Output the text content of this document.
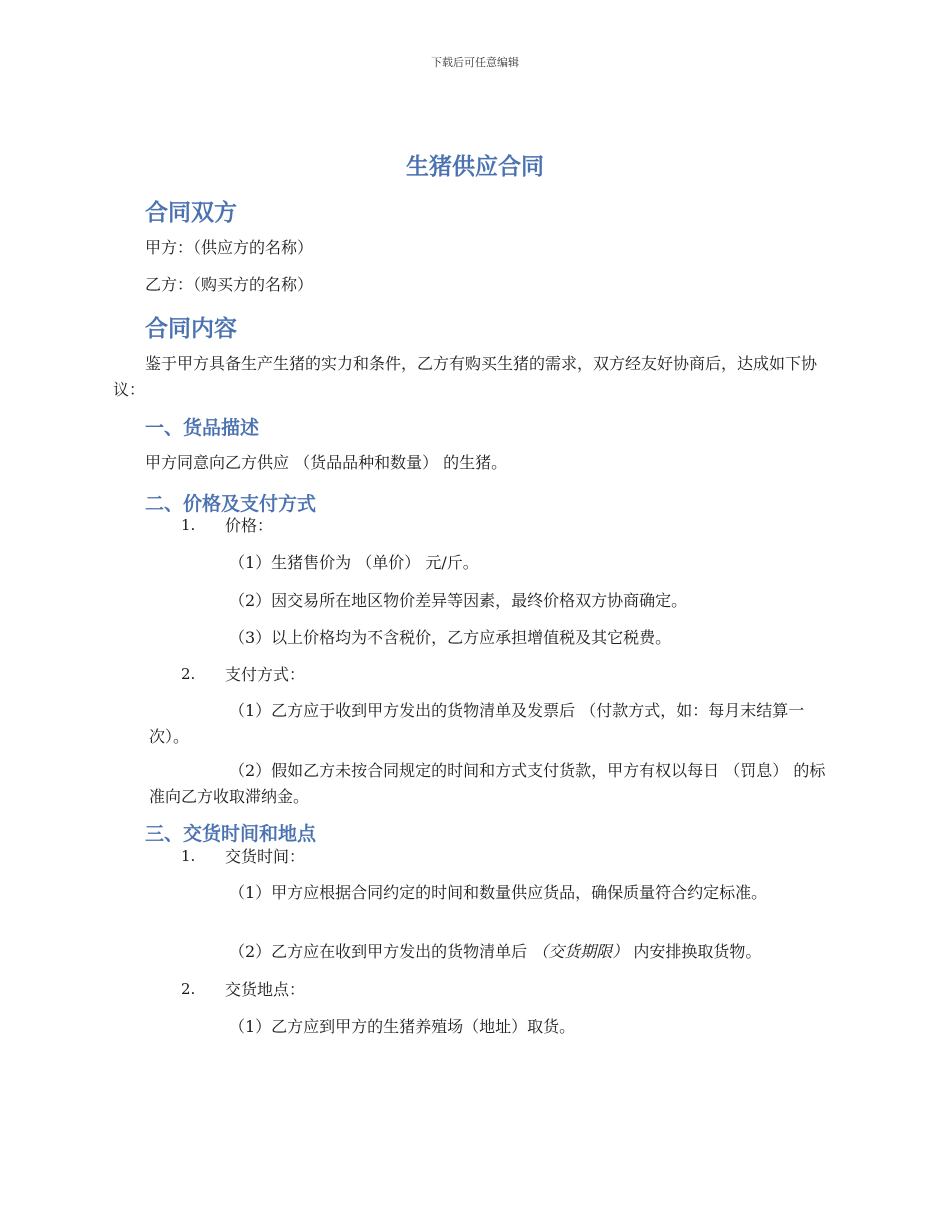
下载后可任意编辑
生猪供应合同
合同双方
甲方：（供应方的名称）
乙方：（购买方的名称）
合同内容
鉴于甲方具备生产生猪的实力和条件，乙方有购买生猪的需求，双方经友好协商后，达成如下协议：
一、货品描述
甲方同意向乙方供应 （货品品种和数量） 的生猪。
二、价格及支付方式
1. 价格：
（1）生猪售价为 （单价） 元/斤。
（2）因交易所在地区物价差异等因素，最终价格双方协商确定。
（3）以上价格均为不含税价，乙方应承担增值税及其它税费。
2. 支付方式：
（1）乙方应于收到甲方发出的货物清单及发票后 （付款方式，如：每月末结算一次）。
（2）假如乙方未按合同规定的时间和方式支付货款，甲方有权以每日 （罚息） 的标准向乙方收取滞纳金。
三、交货时间和地点
1. 交货时间：
（1）甲方应根据合同约定的时间和数量供应货品，确保质量符合约定标准。
（2）乙方应在收到甲方发出的货物清单后 （交货期限） 内安排换取货物。
2. 交货地点：
（1）乙方应到甲方的生猪养殖场（地址）取货。
